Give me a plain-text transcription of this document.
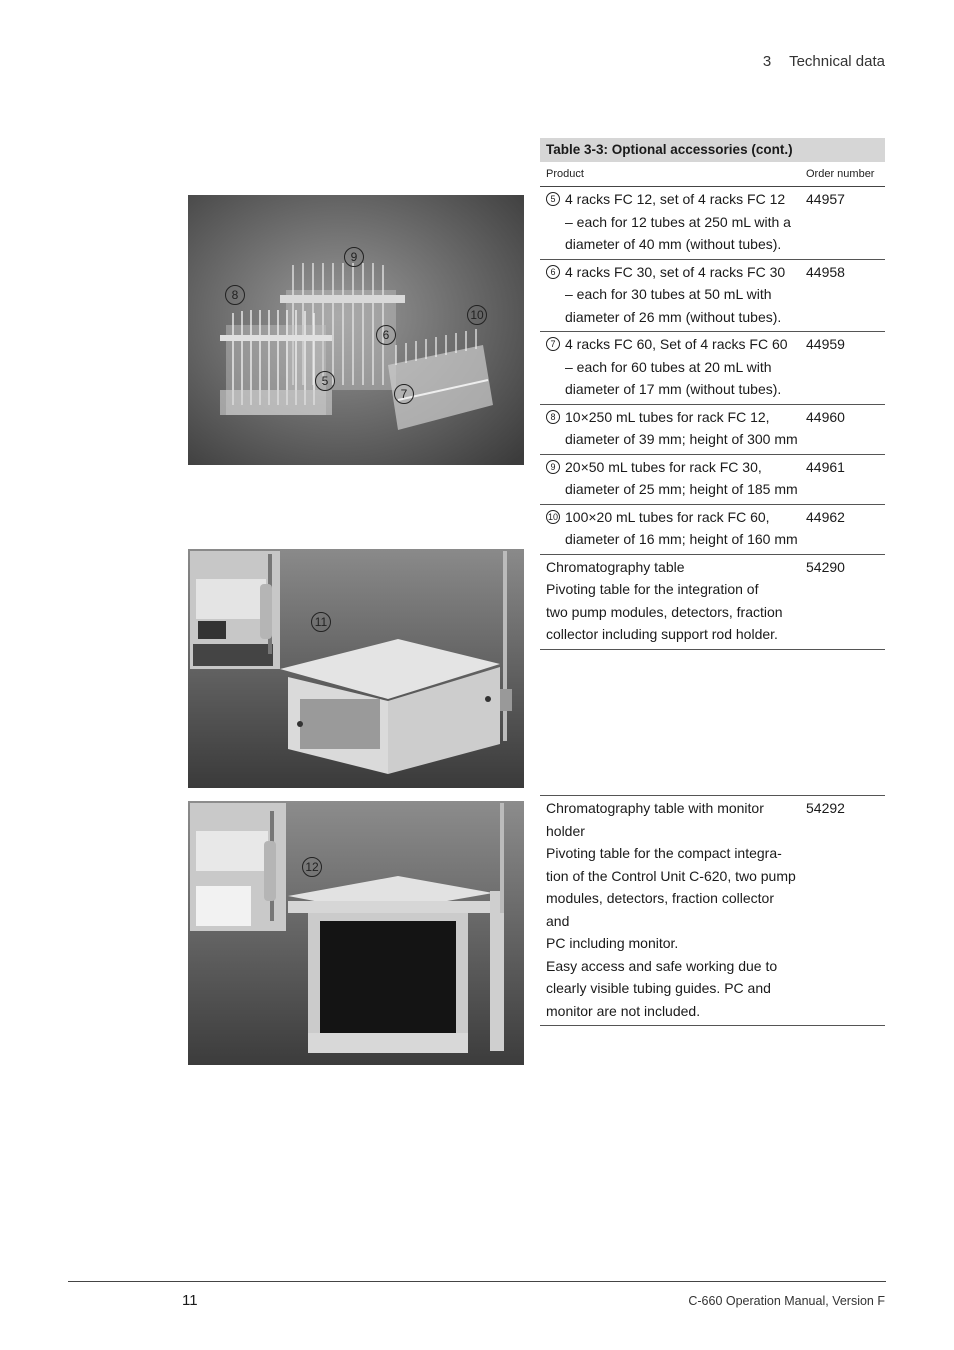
3 Technical data
8
9
10
6
5
7
11
12
Table 3-3: Optional accessories (cont.)
Product	Order number
5 4 racks FC 12, set of 4 racks FC 12
– each for 12 tubes at 250 mL with a
diameter of 40 mm (without tubes).
44957
6 4 racks FC 30, set of 4 racks FC 30
– each for 30 tubes at 50 mL with
diameter of 26 mm (without tubes).
44958
7 4 racks FC 60, Set of 4 racks FC 60
– each for 60 tubes at 20 mL with
diameter of 17 mm (without tubes).
44959
8 10×250 mL tubes for rack FC 12,
diameter of 39 mm; height of 300 mm
44960
9 20×50 mL tubes for rack FC 30,
diameter of 25 mm; height of 185 mm
44961
10 100×20 mL tubes for rack FC 60,
diameter of 16 mm; height of 160 mm
44962
Chromatography table
Pivoting table for the integration of
two pump modules, detectors, fraction
collector including support rod holder.
54290
Chromatography table with monitor
holder
Pivoting table for the compact integra-
tion of the Control Unit C-620, two pump
modules, detectors, fraction collector and
PC including monitor.
Easy access and safe working due to
clearly visible tubing guides. PC and
monitor are not included.
54292
11	C-660 Operation Manual, Version F
